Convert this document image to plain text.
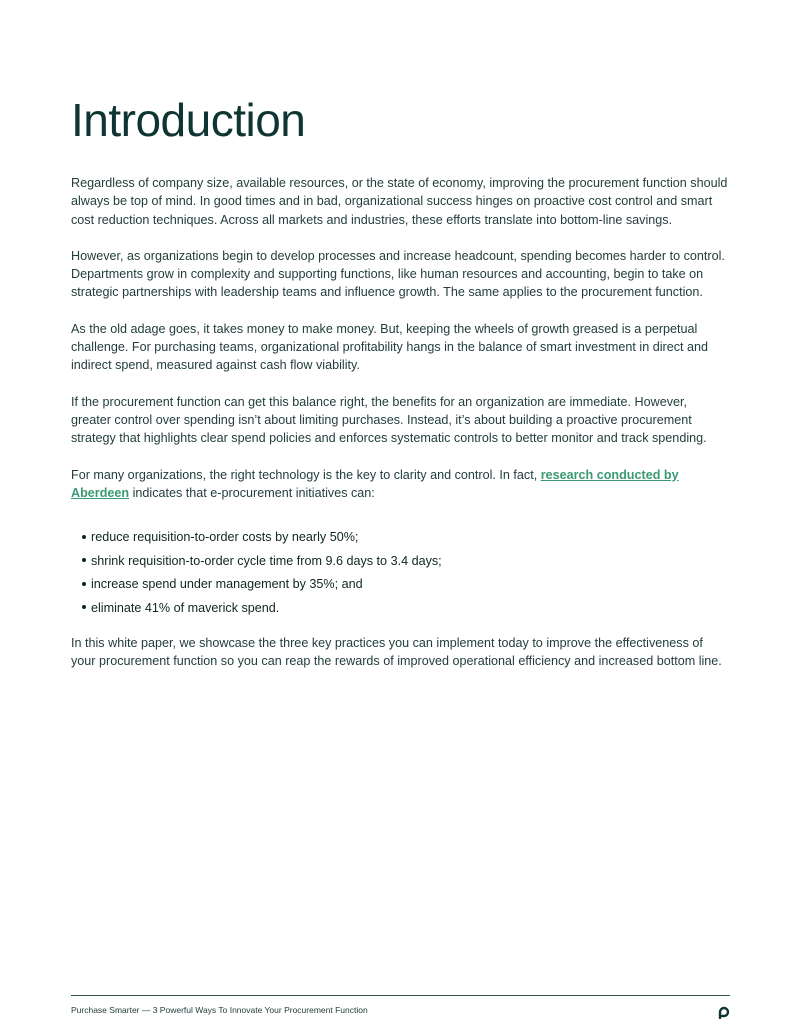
Introduction

Regardless of company size, available resources, or the state of economy, improving the procurement function should always be top of mind. In good times and in bad, organizational success hinges on proactive cost control and smart cost reduction techniques. Across all markets and industries, these efforts translate into bottom-line savings.

However, as organizations begin to develop processes and increase headcount, spending becomes harder to control. Departments grow in complexity and supporting functions, like human resources and accounting, begin to take on strategic partnerships with leadership teams and influence growth. The same applies to the procurement function.

As the old adage goes, it takes money to make money. But, keeping the wheels of growth greased is a perpetual challenge. For purchasing teams, organizational profitability hangs in the balance of smart investment in direct and indirect spend, measured against cash flow viability.

If the procurement function can get this balance right, the benefits for an organization are immediate. However, greater control over spending isn’t about limiting purchases. Instead, it’s about building a proactive procurement strategy that highlights clear spend policies and enforces systematic controls to better monitor and track spending.

For many organizations, the right technology is the key to clarity and control. In fact, research conducted by Aberdeen indicates that e-procurement initiatives can:

reduce requisition-to-order costs by nearly 50%;
shrink requisition-to-order cycle time from 9.6 days to 3.4 days;
increase spend under management by 35%; and
eliminate 41% of maverick spend.

In this white paper, we showcase the three key practices you can implement today to improve the effectiveness of your procurement function so you can reap the rewards of improved operational efficiency and increased bottom line.

Purchase Smarter — 3 Powerful Ways To Innovate Your Procurement Function
